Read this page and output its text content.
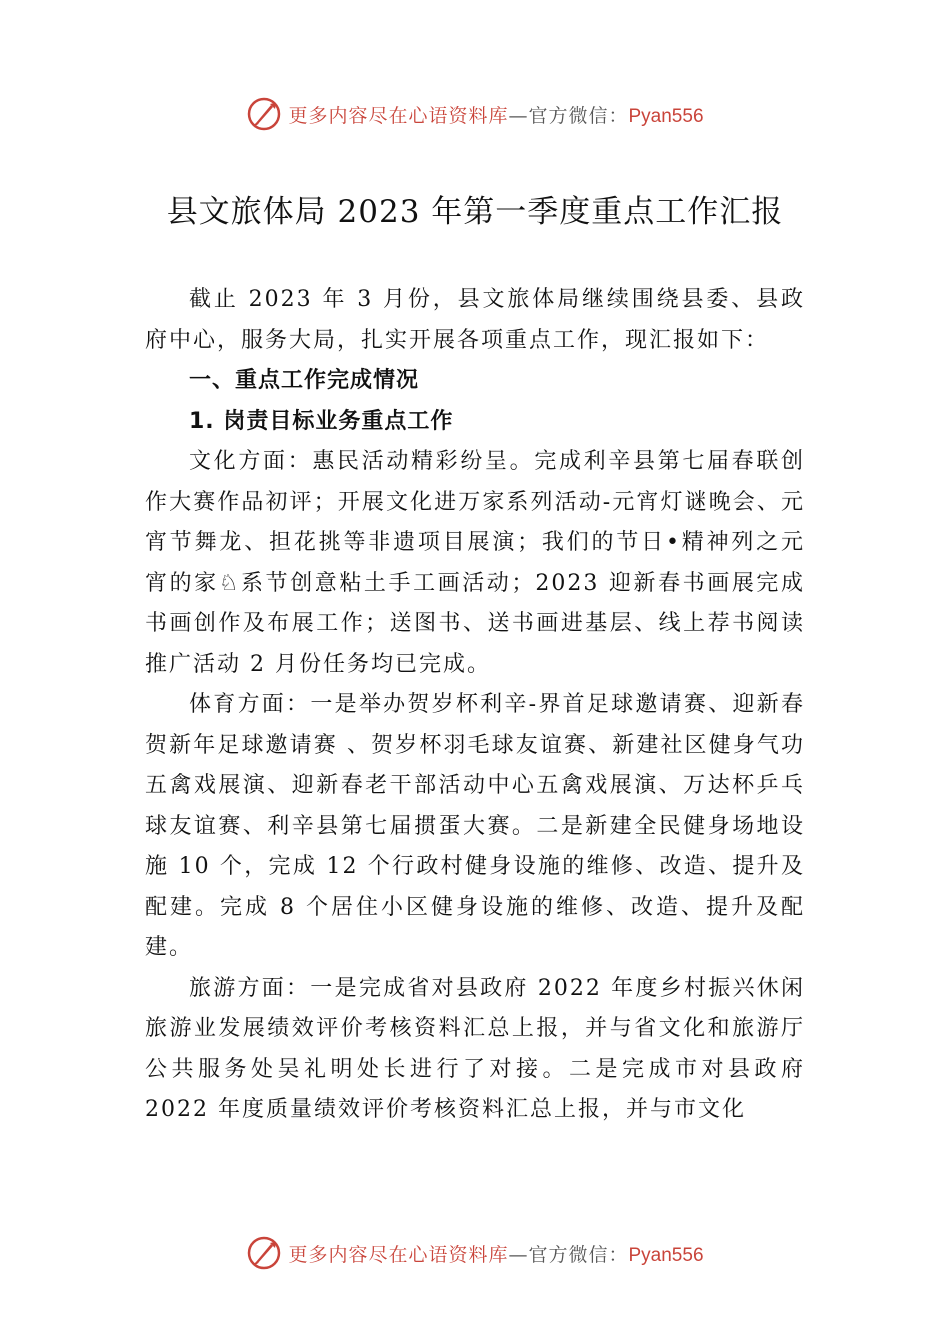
更多内容尽在心语资料库—官方微信：Pyan556
县文旅体局 2023 年第一季度重点工作汇报

截止 2023 年 3 月份，县文旅体局继续围绕县委、县政府中心，服务大局，扎实开展各项重点工作，现汇报如下：

一、重点工作完成情况

1. 岗责目标业务重点工作

文化方面：惠民活动精彩纷呈。完成利辛县第七届春联创作大赛作品初评；开展文化进万家系列活动-元宵灯谜晚会、元宵节舞龙、担花挑等非遗项目展演；我们的节日•精神列之元宵的家♘系节创意粘土手工画活动；2023 迎新春书画展完成书画创作及布展工作；送图书、送书画进基层、线上荐书阅读推广活动 2 月份任务均已完成。

体育方面：一是举办贺岁杯利辛-界首足球邀请赛、迎新春贺新年足球邀请赛 、贺岁杯羽毛球友谊赛、新建社区健身气功五禽戏展演、迎新春老干部活动中心五禽戏展演、万达杯乒乓球友谊赛、利辛县第七届掼蛋大赛。二是新建全民健身场地设施 10 个，完成 12 个行政村健身设施的维修、改造、提升及配建。完成 8 个居住小区健身设施的维修、改造、提升及配建。

旅游方面：一是完成省对县政府 2022 年度乡村振兴休闲旅游业发展绩效评价考核资料汇总上报，并与省文化和旅游厅公共服务处吴礼明处长进行了对接。二是完成市对县政府 2022 年度质量绩效评价考核资料汇总上报，并与市文化

更多内容尽在心语资料库—官方微信：Pyan556
